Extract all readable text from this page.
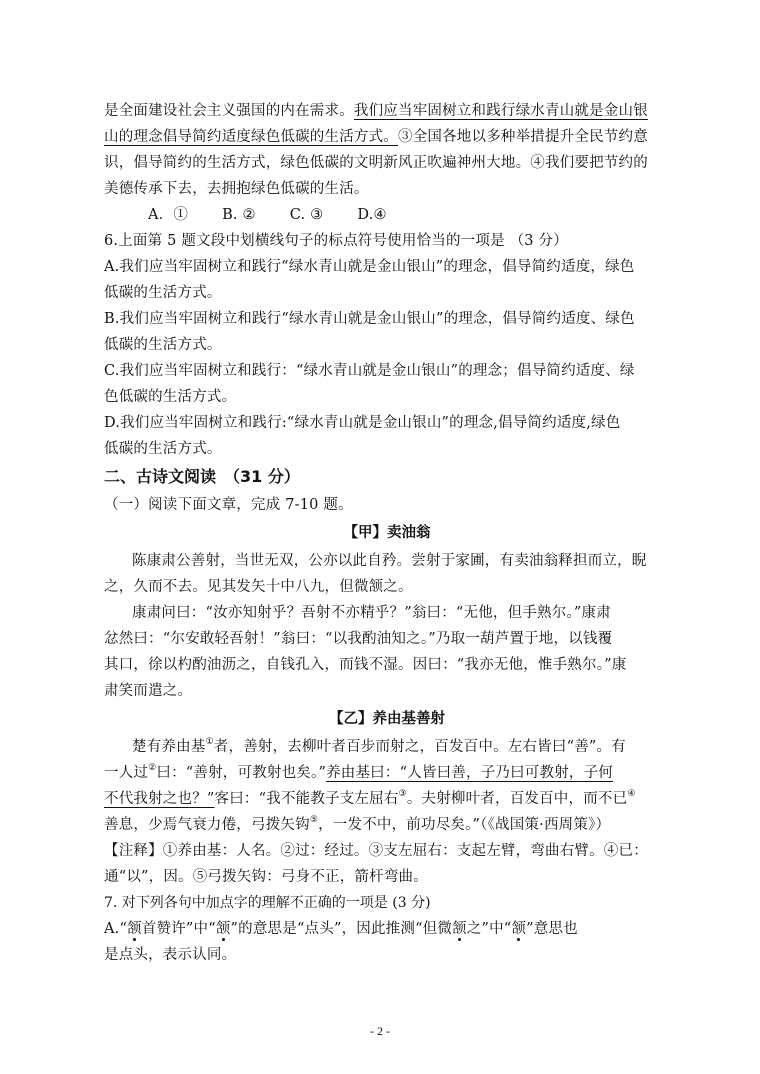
是全面建设社会主义强国的内在需求。我们应当牢固树立和践行绿水青山就是金山银
山的理念倡导简约适度绿色低碳的生活方式。③全国各地以多种举措提升全民节约意
识，倡导简约的生活方式，绿色低碳的文明新风正吹遍神州大地。④我们要把节约的
美德传承下去，去拥抱绿色低碳的生活。
A．① B. ② C. ③ D.④
6.上面第 5 题文段中划横线句子的标点符号使用恰当的一项是 （3 分）
A.我们应当牢固树立和践行“绿水青山就是金山银山”的理念，倡导简约适度，绿色
低碳的生活方式。
B.我们应当牢固树立和践行“绿水青山就是金山银山”的理念，倡导简约适度、绿色
低碳的生活方式。
C.我们应当牢固树立和践行：“绿水青山就是金山银山”的理念；倡导简约适度、绿
色低碳的生活方式。
D.我们应当牢固树立和践行:“绿水青山就是金山银山”的理念,倡导简约适度,绿色
低碳的生活方式。
二、古诗文阅读　（31 分）
（一）阅读下面文章，完成 7-10 题。
【甲】卖油翁
陈康肃公善射，当世无双，公亦以此自矜。尝射于家圃，有卖油翁释担而立，睨
之，久而不去。见其发矢十中八九，但微颔之。
康肃问曰：“汝亦知射乎？吾射不亦精乎？”翁曰：“无他，但手熟尔。”康肃
忿然曰：“尔安敢轻吾射！”翁曰：“以我酌油知之。”乃取一葫芦置于地，以钱覆
其口，徐以杓酌油沥之，自钱孔入，而钱不湿。因曰：“我亦无他，惟手熟尔。”康
肃笑而遣之。
【乙】养由基善射
楚有养由基①者，善射，去柳叶者百步而射之，百发百中。左右皆曰“善”。有
一人过②曰：“善射，可教射也矣。”养由基曰：“人皆曰善，子乃曰可教射，子何
不代我射之也？”客曰：“我不能教子支左屈右③。夫射柳叶者，百发百中，而不已④
善息，少焉气衰力倦，弓拨矢钩⑤，一发不中，前功尽矣。”（《战国策·西周策》）
【注释】①养由基：人名。②过：经过。③支左屈右：支起左臂，弯曲右臂。④已：
通“以”，因。⑤弓拨矢钩：弓身不正，箭杆弯曲。
7. 对下列各句中加点字的理解不正确的一项是 (3 分)
A.“颔首赞许”中“颔”的意思是“点头”，因此推测“但微颔之”中“颔”意思也
是点头，表示认同。
- 2 -
